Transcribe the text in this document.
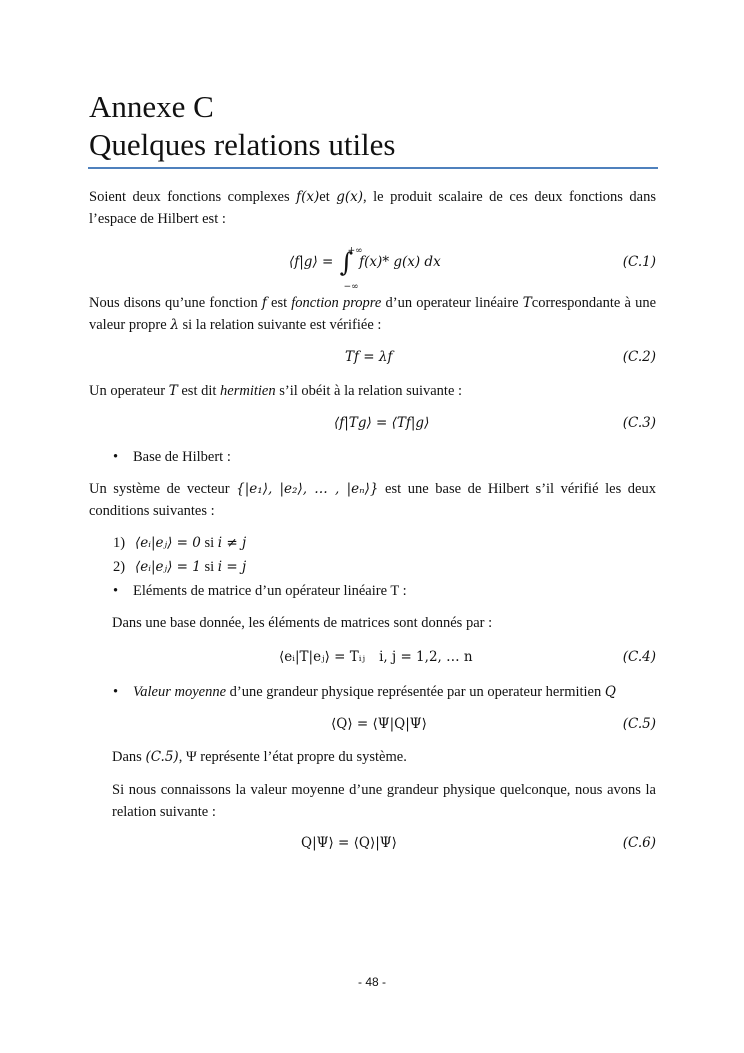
Annexe C
Quelques relations utiles
Soient deux fonctions complexes f(x)et g(x), le produit scalaire de ces deux fonctions dans l’espace de Hilbert est :
⟨f|g⟩ = ∫
+∞
−∞
f(x)* g(x) dx	(C.1)
Nous disons qu’une fonction f est fonction propre d’un operateur linéaire Tcorrespondante à une valeur propre λ si la relation suivante est vérifiée :
Tf = λf	(C.2)
Un operateur T est dit hermitien s’il obéit à la relation suivante :
⟨f|Tg⟩ = ⟨Tf|g⟩	(C.3)
• Base de Hilbert :
Un système de vecteur {|e₁⟩, |e₂⟩, … , |eₙ⟩} est une base de Hilbert s’il vérifié les deux conditions suivantes :
1) ⟨eᵢ|eⱼ⟩ = 0 si i ≠ j
2) ⟨eᵢ|eⱼ⟩ = 1 si i = j
• Eléments de matrice d’un opérateur linéaire T :
Dans une base donnée, les éléments de matrices sont donnés par :
⟨eᵢ|T|eⱼ⟩ = Tᵢⱼ i, j = 1,2, … n	(C.4)
• Valeur moyenne d’une grandeur physique représentée par un operateur hermitien Q
⟨Q⟩ = ⟨Ψ|Q|Ψ⟩	(C.5)
Dans (C.5), Ψ représente l’état propre du système.
Si nous connaissons la valeur moyenne d’une grandeur physique quelconque, nous avons la relation suivante :
Q|Ψ⟩ = ⟨Q⟩|Ψ⟩	(C.6)
- 48 -
